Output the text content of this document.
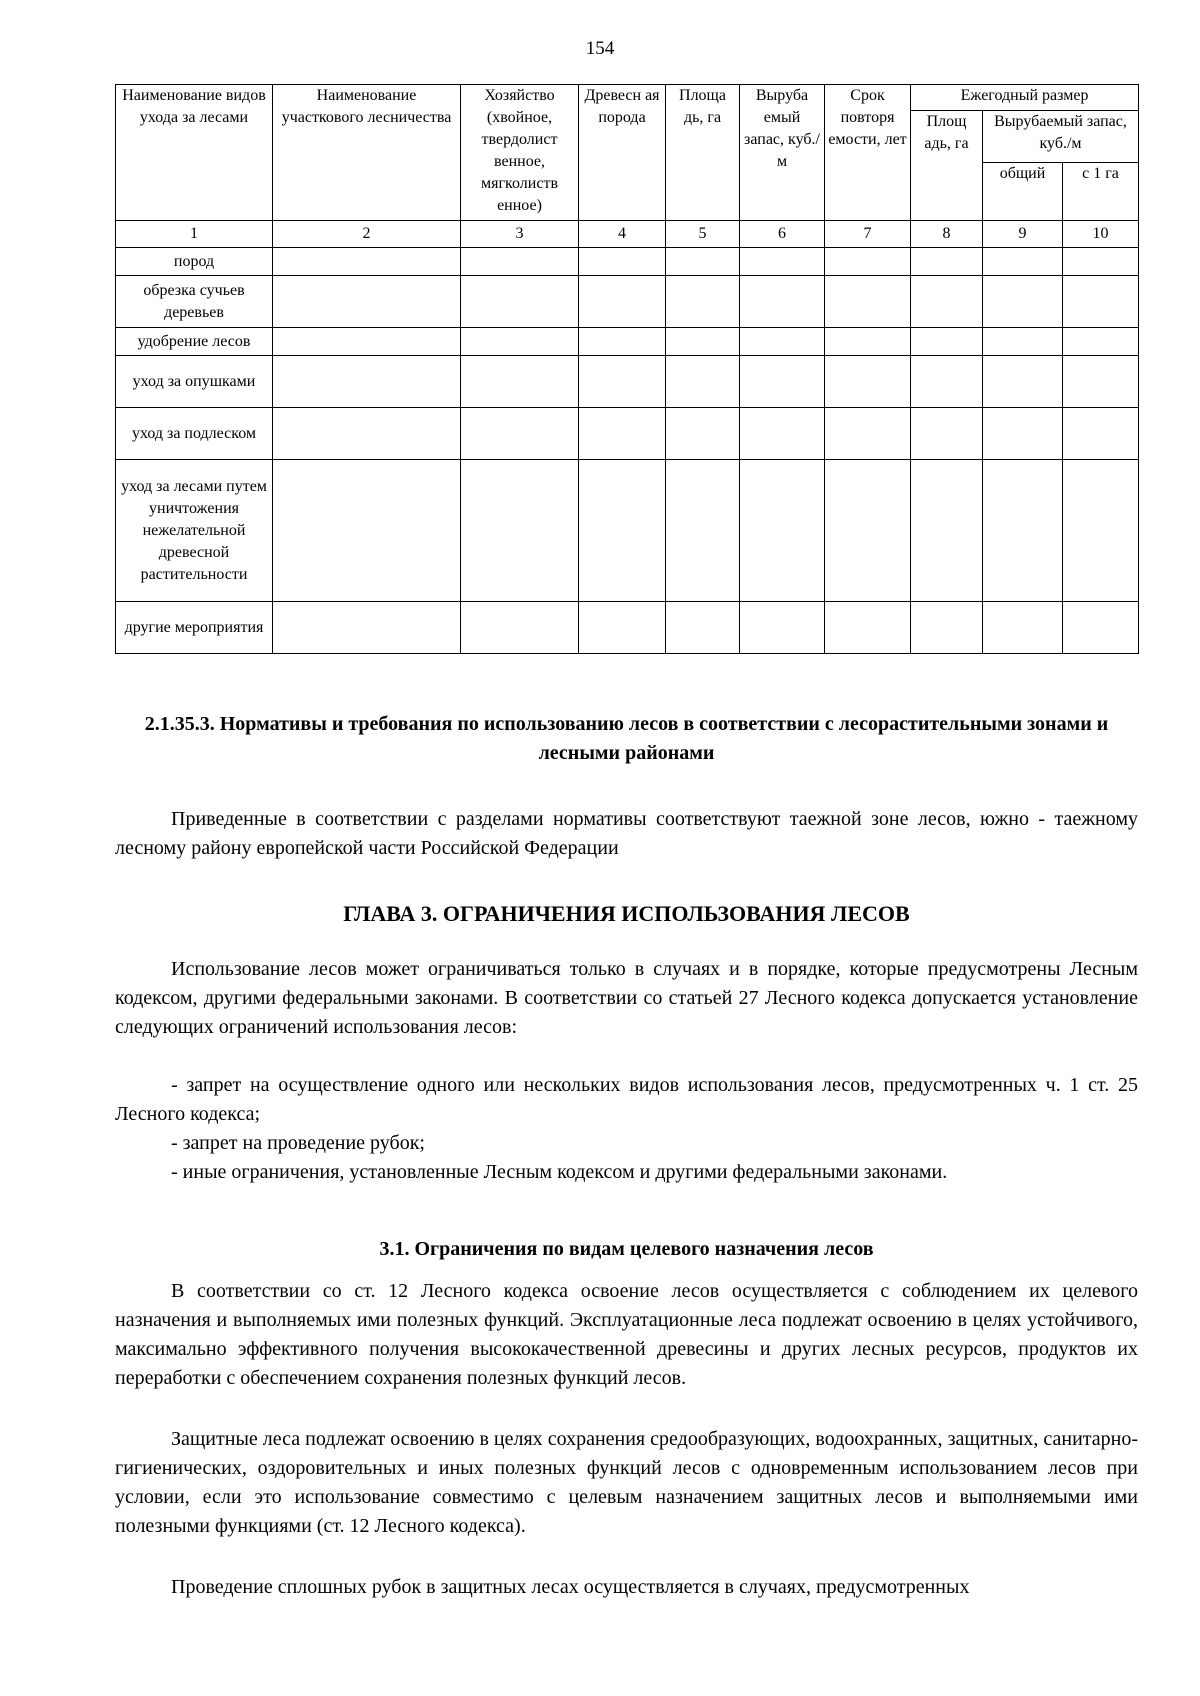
154
Наименование видов ухода за лесами	Наименование участкового лесничества	Хозяйство (хвойное, твердолист венное, мягколиств енное)	Древесн ая порода	Площа дь, га	Выруба емый запас, куб./м	Срок повторя емости, лет	Ежегодный размер		
							Площ адь, га	Вырубаемый запас, куб./м	
								общий	с 1 га
1	2	3	4	5	6	7	8	9	10
пород									
обрезка сучьев деревьев									
удобрение лесов									
уход за опушками									
уход за подлеском									
уход за лесами путем уничтожения нежелательной древесной растительности									
другие мероприятия									
2.1.35.3. Нормативы и требования по использованию лесов в соответствии с лесорастительными зонами и лесными районами

Приведенные в соответствии с разделами нормативы соответствуют таежной зоне лесов, южно - таежному лесному району европейской части Российской Федерации

ГЛАВА 3. ОГРАНИЧЕНИЯ ИСПОЛЬЗОВАНИЯ ЛЕСОВ

Использование лесов может ограничиваться только в случаях и в порядке, которые предусмотрены Лесным кодексом, другими федеральными законами. В соответствии со статьей 27 Лесного кодекса допускается установление следующих ограничений использования лесов:

- запрет на осуществление одного или нескольких видов использования лесов, предусмотренных ч. 1 ст. 25 Лесного кодекса;

- запрет на проведение рубок;

- иные ограничения, установленные Лесным кодексом и другими федеральными законами.

3.1. Ограничения по видам целевого назначения лесов

В соответствии со ст. 12 Лесного кодекса освоение лесов осуществляется с соблюдением их целевого назначения и выполняемых ими полезных функций. Эксплуатационные леса подлежат освоению в целях устойчивого, максимально эффективного получения высококачественной древесины и других лесных ресурсов, продуктов их переработки с обеспечением сохранения полезных функций лесов.

Защитные леса подлежат освоению в целях сохранения средообразующих, водоохранных, защитных, санитарно-гигиенических, оздоровительных и иных полезных функций лесов с одновременным использованием лесов при условии, если это использование совместимо с целевым назначением защитных лесов и выполняемыми ими полезными функциями (ст. 12 Лесного кодекса).

Проведение сплошных рубок в защитных лесах осуществляется в случаях, предусмотренных
